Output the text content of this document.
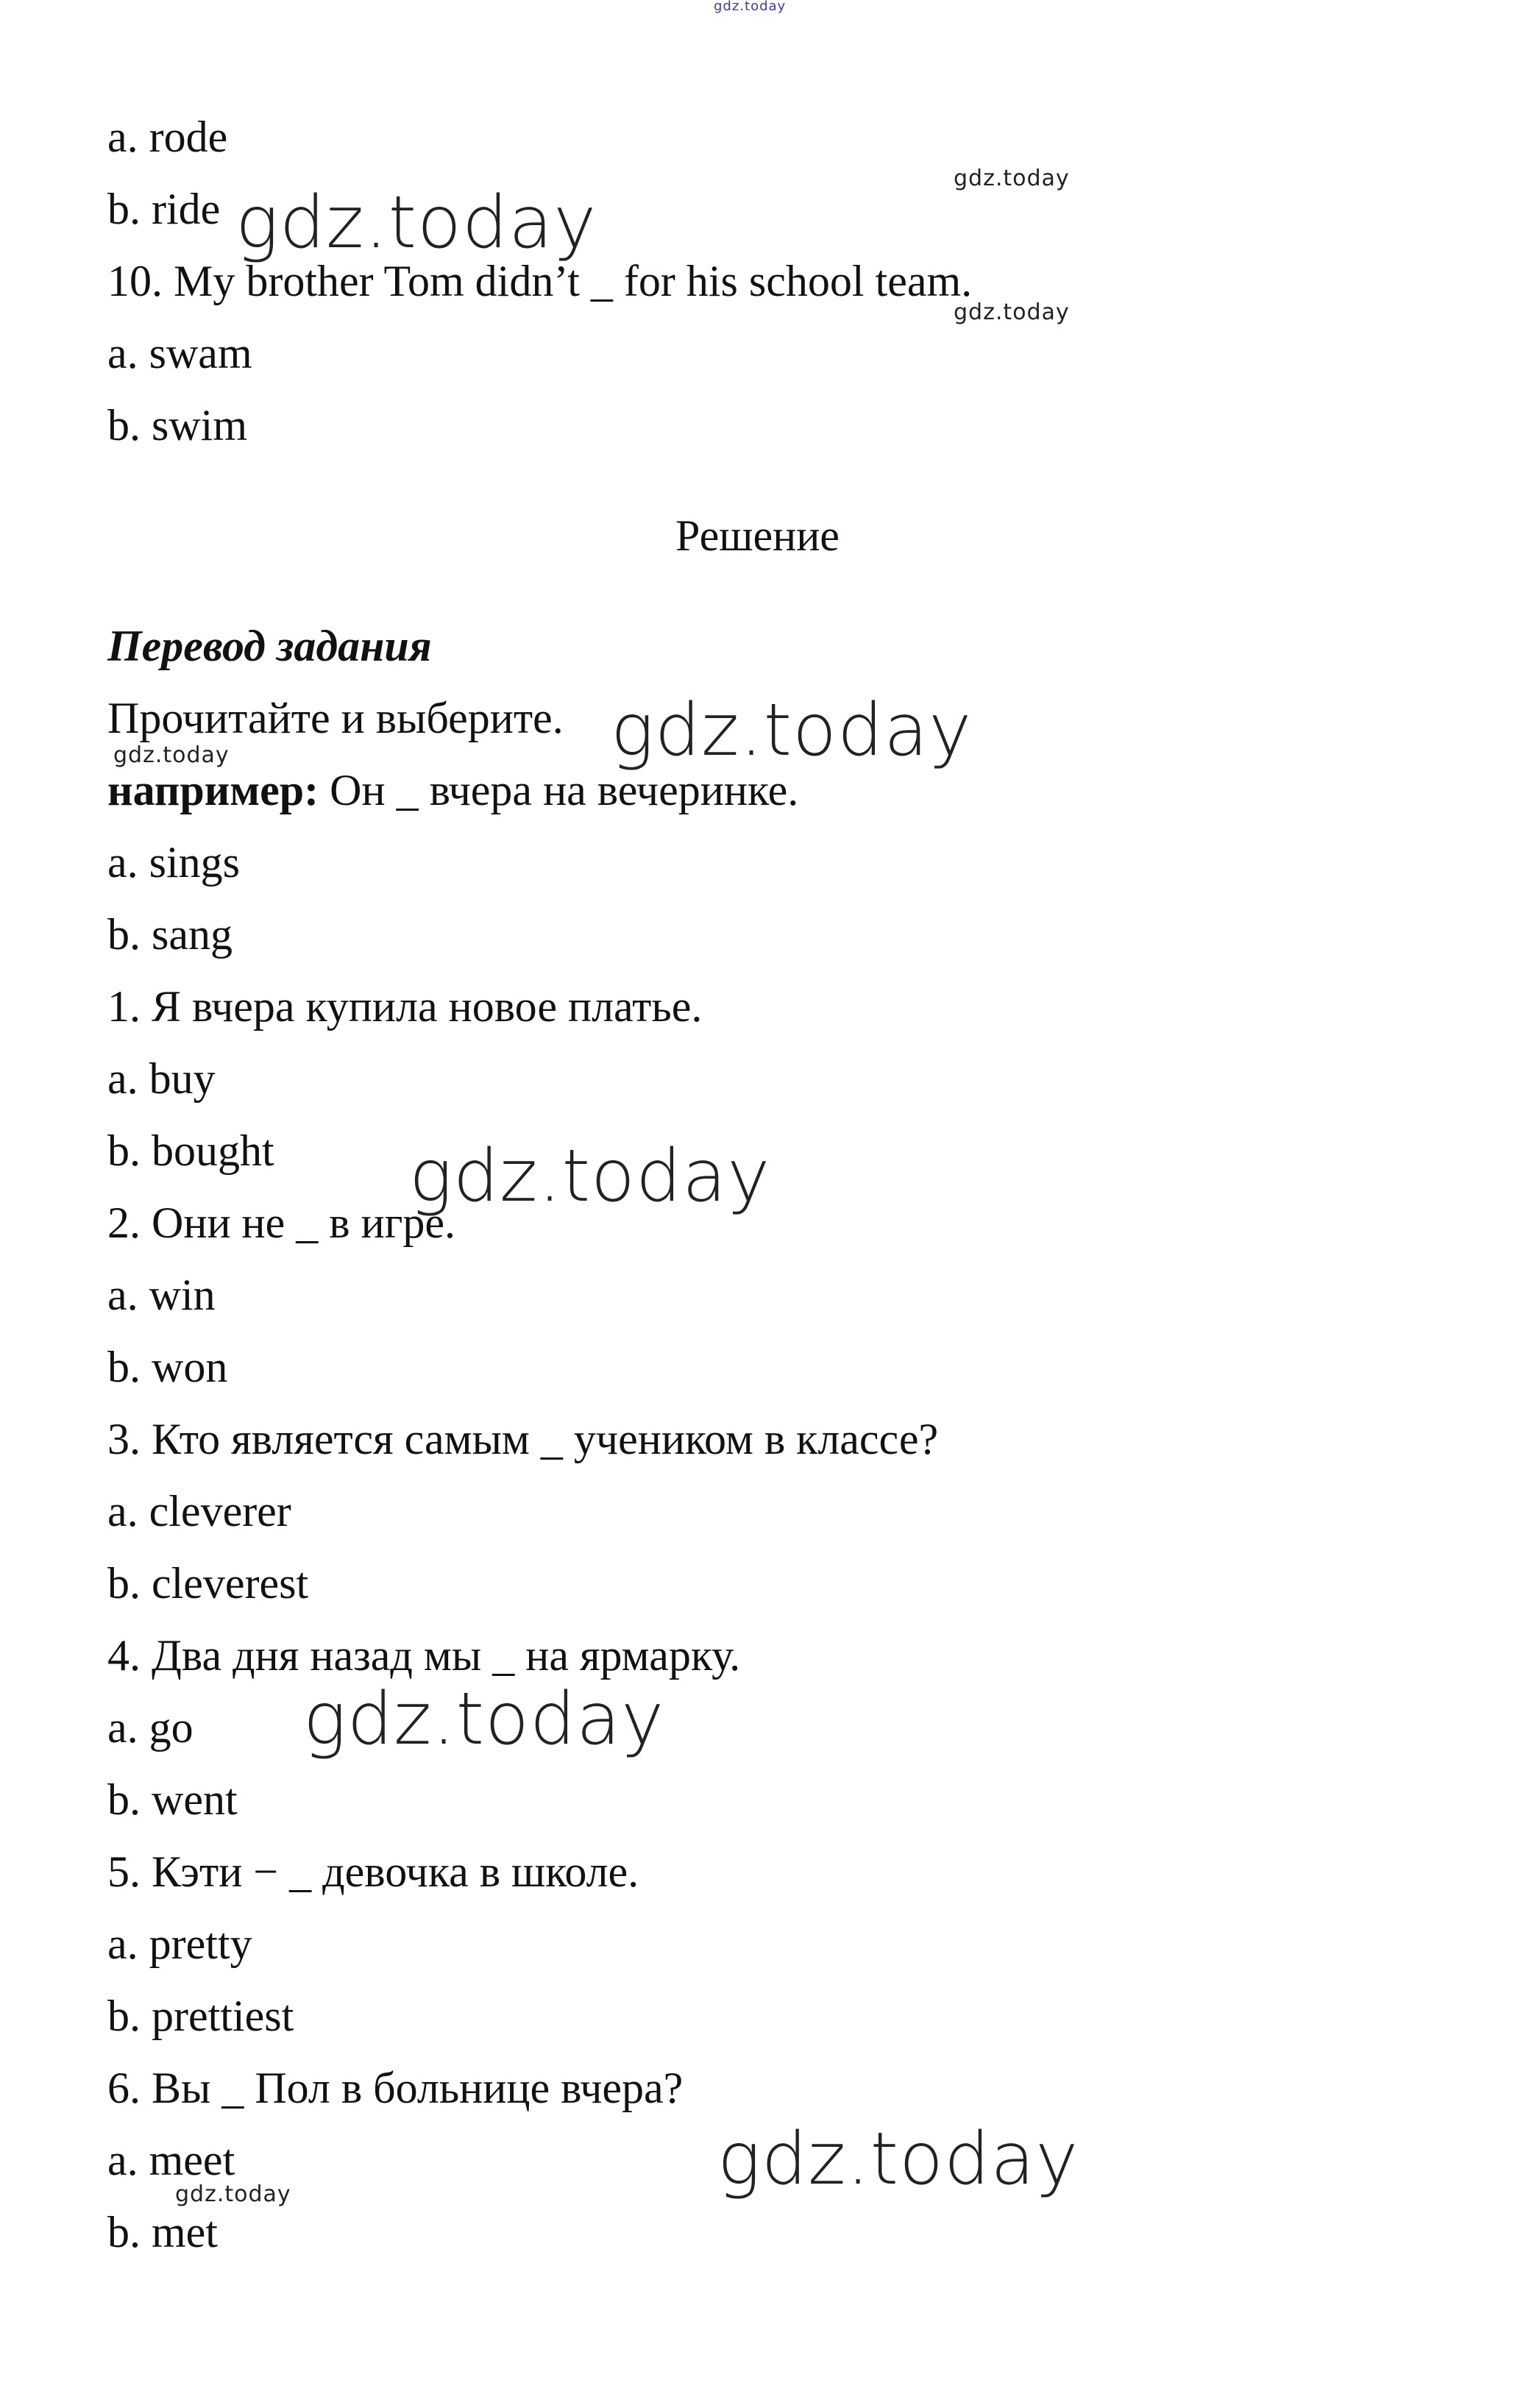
gdz.today
gdz.today
gdz.today
gdz.today
gdz.today
gdz.today
gdz.today
gdz.today
gdz.today
gdz.today
a. rode
b. ride
10. My brother Tom didn’t _ for his school team.
a. swam
b. swim
Решение
Перевод задания
Прочитайте и выберите.
например: Он _ вчера на вечеринке.
a. sings
b. sang
1. Я вчера купила новое платье.
a. buy
b. bought
2. Они не _ в игре.
a. win
b. won
3. Кто является самым _ учеником в классе?
a. cleverer
b. cleverest
4. Два дня назад мы _ на ярмарку.
a. go
b. went
5. Кэти − _ девочка в школе.
a. pretty
b. prettiest
6. Вы _ Пол в больнице вчера?
a. meet
b. met
